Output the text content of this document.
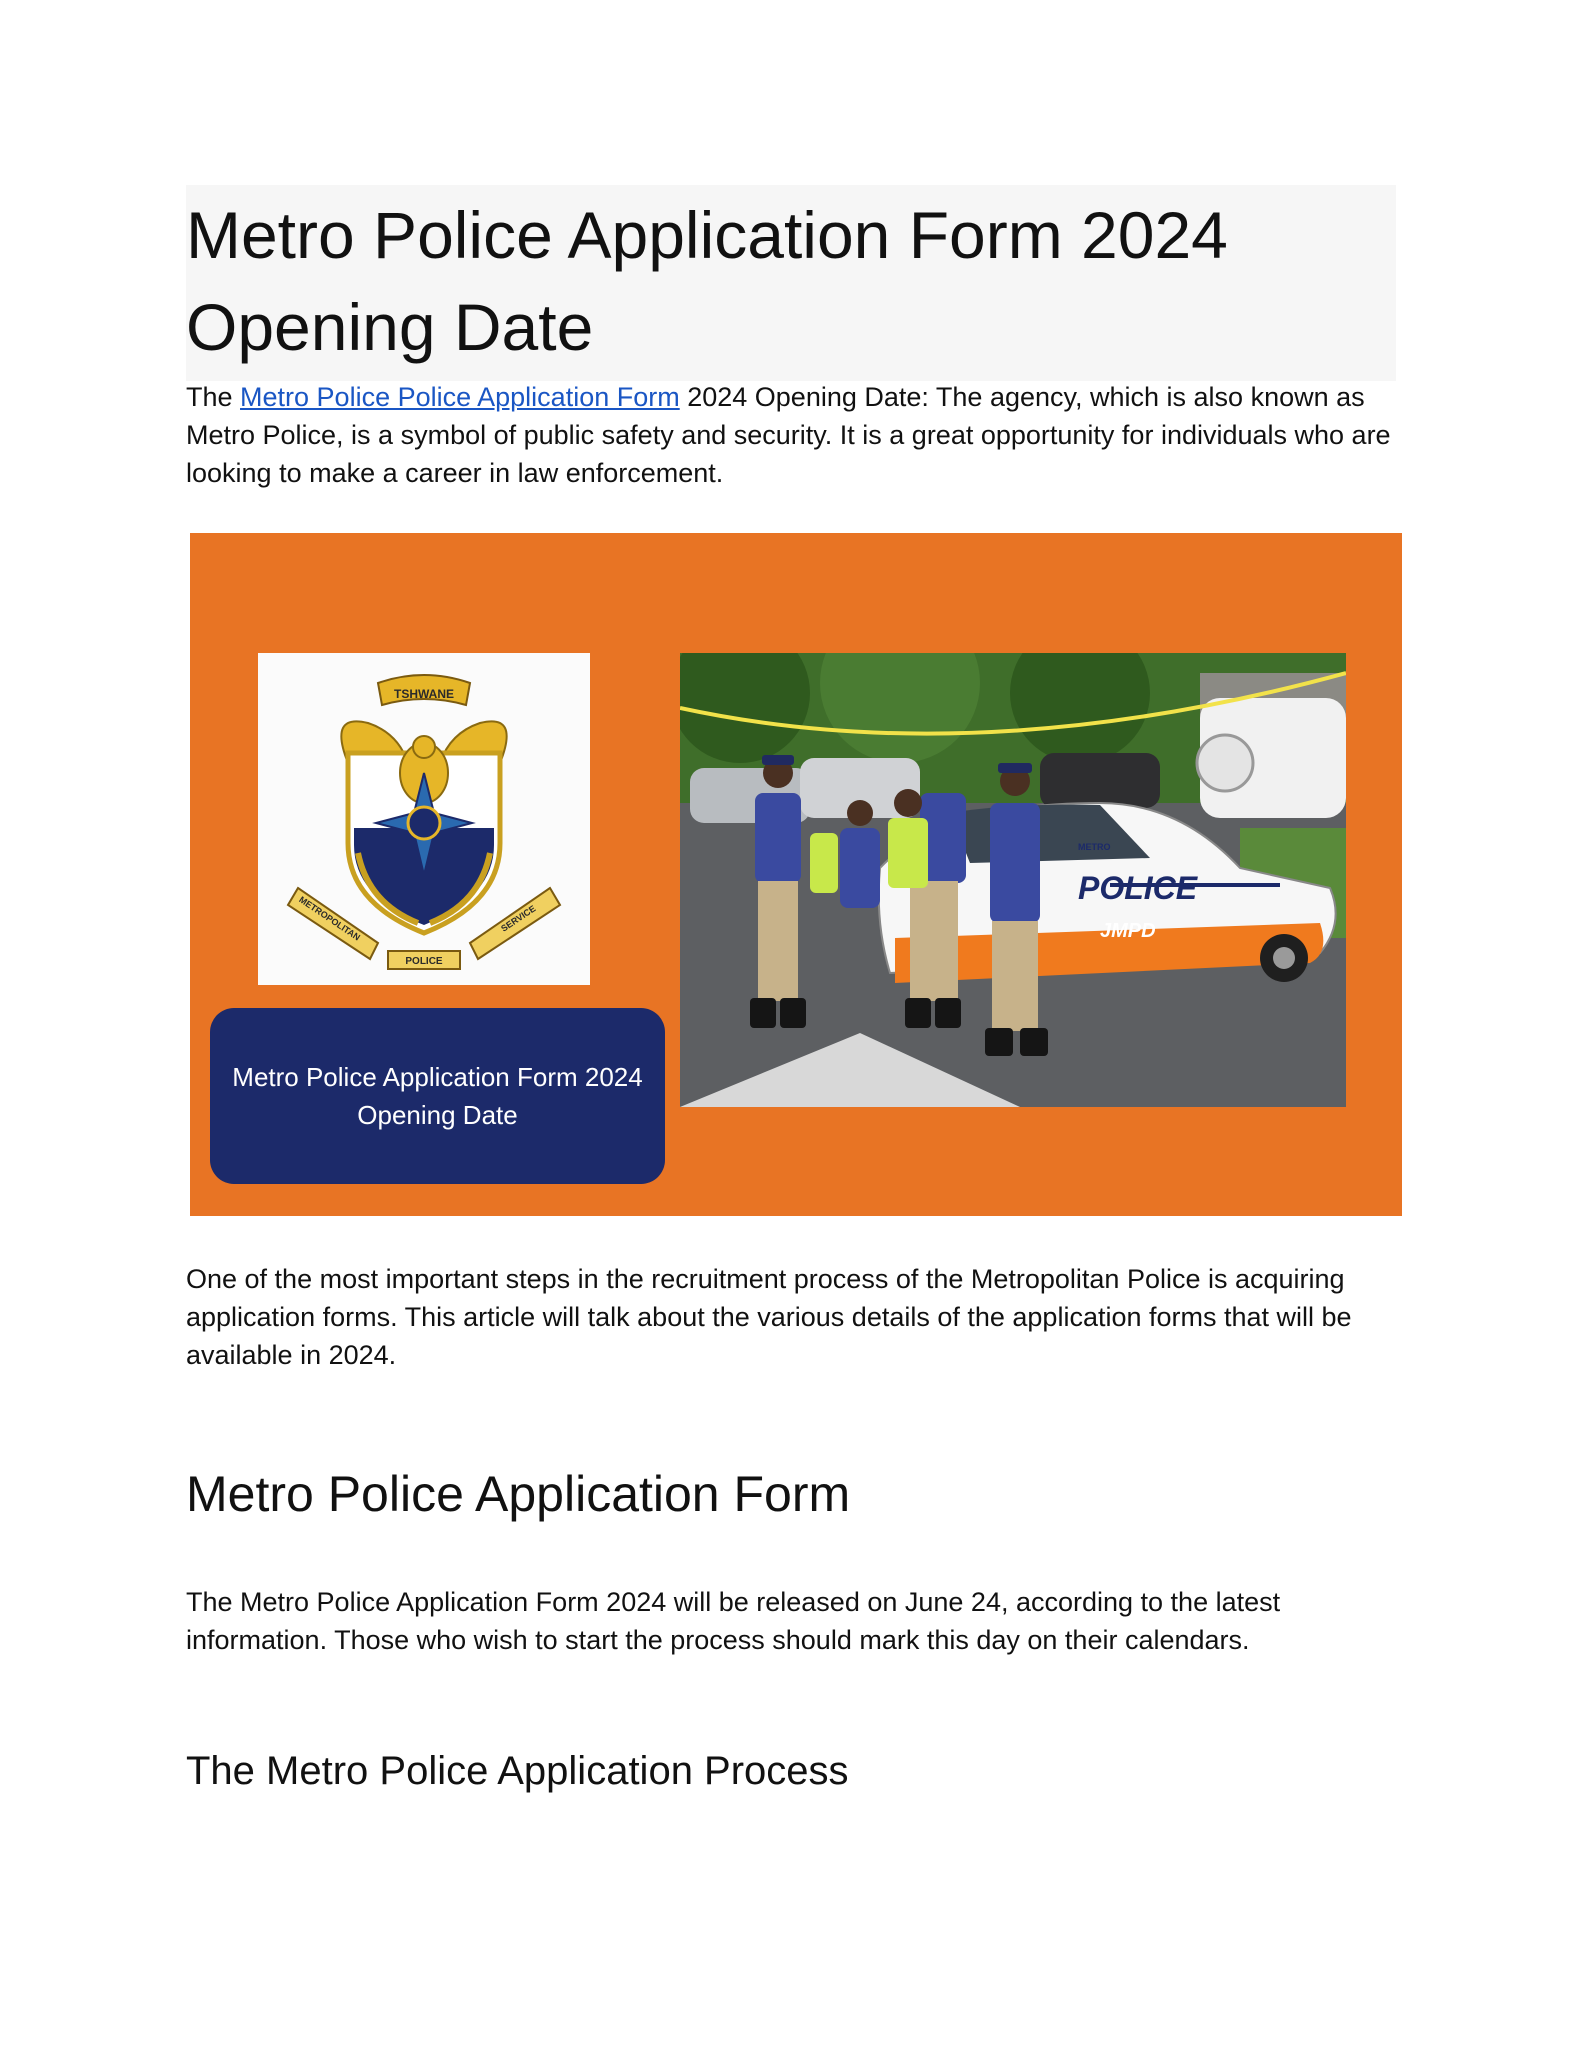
Metro Police Application Form 2024 Opening Date

The Metro Police Police Application Form 2024 Opening Date: The agency, which is also known as Metro Police, is a symbol of public safety and security. It is a great opportunity for individuals who are looking to make a career in law enforcement.

TSHWANE
METROPOLITAN	SERVICE
POLICE
Metro Police Application Form 2024 Opening Date
METRO
POLICE
JMPD

One of the most important steps in the recruitment process of the Metropolitan Police is acquiring application forms. This article will talk about the various details of the application forms that will be available in 2024.

Metro Police Application Form

The Metro Police Application Form 2024 will be released on June 24, according to the latest information. Those who wish to start the process should mark this day on their calendars.

The Metro Police Application Process
